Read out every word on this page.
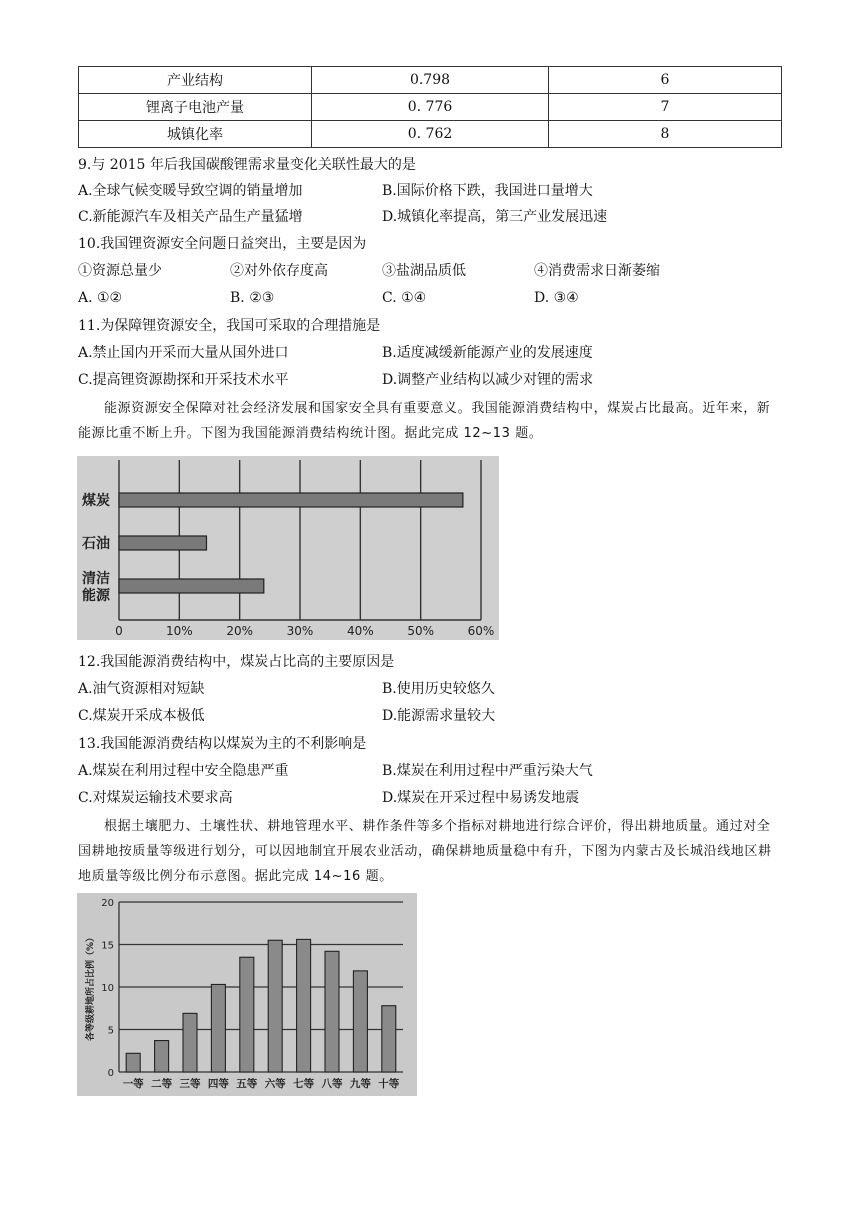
产业结构	0.798	6
锂离子电池产量	0. 776	7
城镇化率	0. 762	8
9.与 2015 年后我国碳酸锂需求量变化关联性最大的是
A.全球气候变暖导致空调的销量增加	B.国际价格下跌，我国进口量增大
C.新能源汽车及相关产品生产量猛增	D.城镇化率提高，第三产业发展迅速
10.我国锂资源安全问题日益突出，主要是因为
①资源总量少	②对外依存度高	③盐湖品质低	④消费需求日渐萎缩
A. ①②	B. ②③	C. ①④	D. ③④
11.为保障锂资源安全，我国可采取的合理措施是
A.禁止国内开采而大量从国外进口	B.适度减缓新能源产业的发展速度
C.提高锂资源勘探和开采技术水平	D.调整产业结构以减少对锂的需求
能源资源安全保障对社会经济发展和国家安全具有重要意义。我国能源消费结构中，煤炭占比最高。近年来，新能源比重不断上升。下图为我国能源消费结构统计图。据此完成 12~13 题。
0	10%	20%	30%	40%	50%	60%
煤炭
石油
清洁
能源
12.我国能源消费结构中，煤炭占比高的主要原因是
A.油气资源相对短缺	B.使用历史较悠久
C.煤炭开采成本极低	D.能源需求量较大
13.我国能源消费结构以煤炭为主的不利影响是
A.煤炭在利用过程中安全隐患严重	B.煤炭在利用过程中严重污染大气
C.对煤炭运输技术要求高	D.煤炭在开采过程中易诱发地震
根据土壤肥力、土壤性状、耕地管理水平、耕作条件等多个指标对耕地进行综合评价，得出耕地质量。通过对全国耕地按质量等级进行划分，可以因地制宜开展农业活动，确保耕地质量稳中有升，下图为内蒙古及长城沿线地区耕地质量等级比例分布示意图。据此完成 14~16 题。
0
5
10
15
20
一等 二等 三等 四等 五等 六等 七等 八等 九等 十等
各等级耕地所占比例（%）
